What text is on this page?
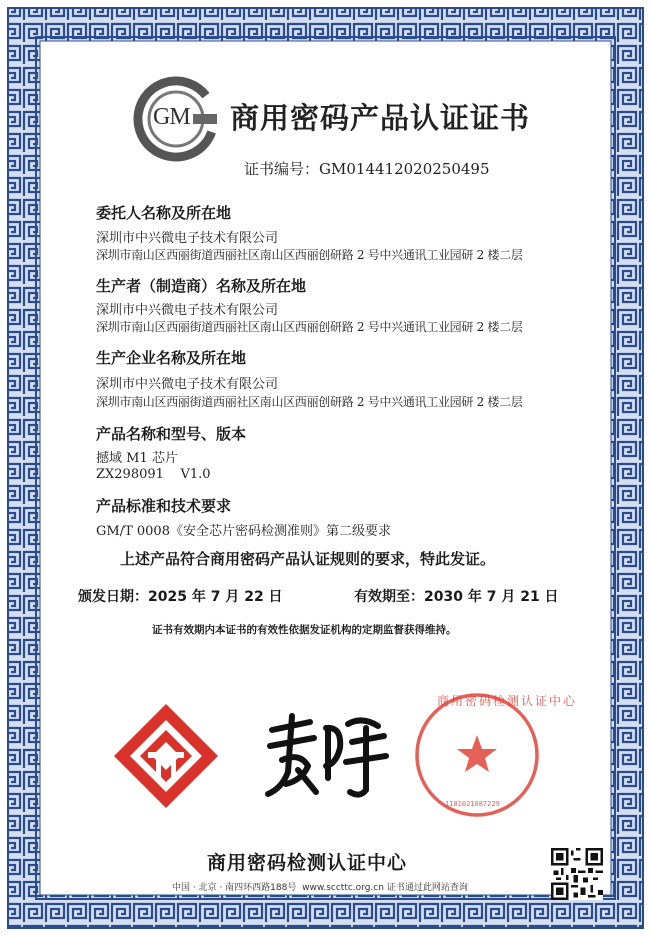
GM 商用密码产品认证证书
证书编号：GM014412020250495
委托人名称及所在地
深圳市中兴微电子技术有限公司
深圳市南山区西丽街道西丽社区南山区西丽创研路 2 号中兴通讯工业园研 2 楼二层
生产者（制造商）名称及所在地
深圳市中兴微电子技术有限公司
深圳市南山区西丽街道西丽社区南山区西丽创研路 2 号中兴通讯工业园研 2 楼二层
生产企业名称及所在地
深圳市中兴微电子技术有限公司
深圳市南山区西丽街道西丽社区南山区西丽创研路 2 号中兴通讯工业园研 2 楼二层
产品名称和型号、版本
撼域 M1 芯片
ZX298091    V1.0
产品标准和技术要求
GM/T 0008《安全芯片密码检测准则》第二级要求
上述产品符合商用密码产品认证规则的要求，特此发证。
颁发日期：2025 年 7 月 22 日	有效期至：2030 年 7 月 21 日
证书有效期内本证书的有效性依据发证机构的定期监督获得维持。
商用密码检测认证中心
1101021087229
商用密码检测认证中心
中国 · 北京 · 南四环西路188号 www.sccttc.org.cn 证书通过此网站查询
